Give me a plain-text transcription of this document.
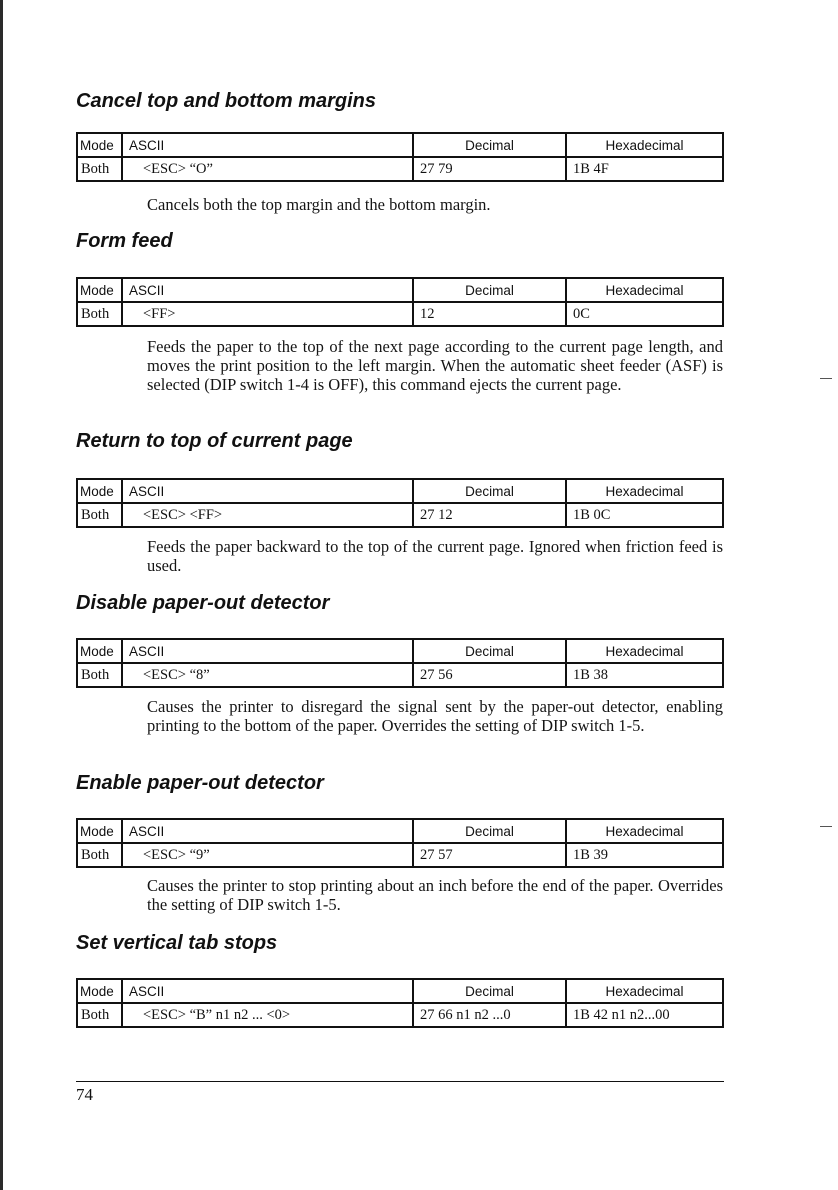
Cancel top and bottom margins
Mode	ASCII	Decimal	Hexadecimal
Both	<ESC> “O”	27 79	1B 4F
Cancels both the top margin and the bottom margin.
Form feed
Mode	ASCII	Decimal	Hexadecimal
Both	<FF>	12	0C
Feeds the paper to the top of the next page according to the current page length, and moves the print position to the left margin. When the automatic sheet feeder (ASF) is selected (DIP switch 1-4 is OFF), this command ejects the current page.
Return to top of current page
Mode	ASCII	Decimal	Hexadecimal
Both	<ESC> <FF>	27 12	1B 0C
Feeds the paper backward to the top of the current page. Ignored when friction feed is used.
Disable paper-out detector
Mode	ASCII	Decimal	Hexadecimal
Both	<ESC> “8”	27 56	1B 38
Causes the printer to disregard the signal sent by the paper-out detector, enabling printing to the bottom of the paper. Overrides the setting of DIP switch 1-5.
Enable paper-out detector
Mode	ASCII	Decimal	Hexadecimal
Both	<ESC> “9”	27 57	1B 39
Causes the printer to stop printing about an inch before the end of the paper. Overrides the setting of DIP switch 1-5.
Set vertical tab stops
Mode	ASCII	Decimal	Hexadecimal
Both	<ESC> “B” n1 n2 ... <0>	27 66 n1 n2 ...0	1B 42 n1 n2...00
74
